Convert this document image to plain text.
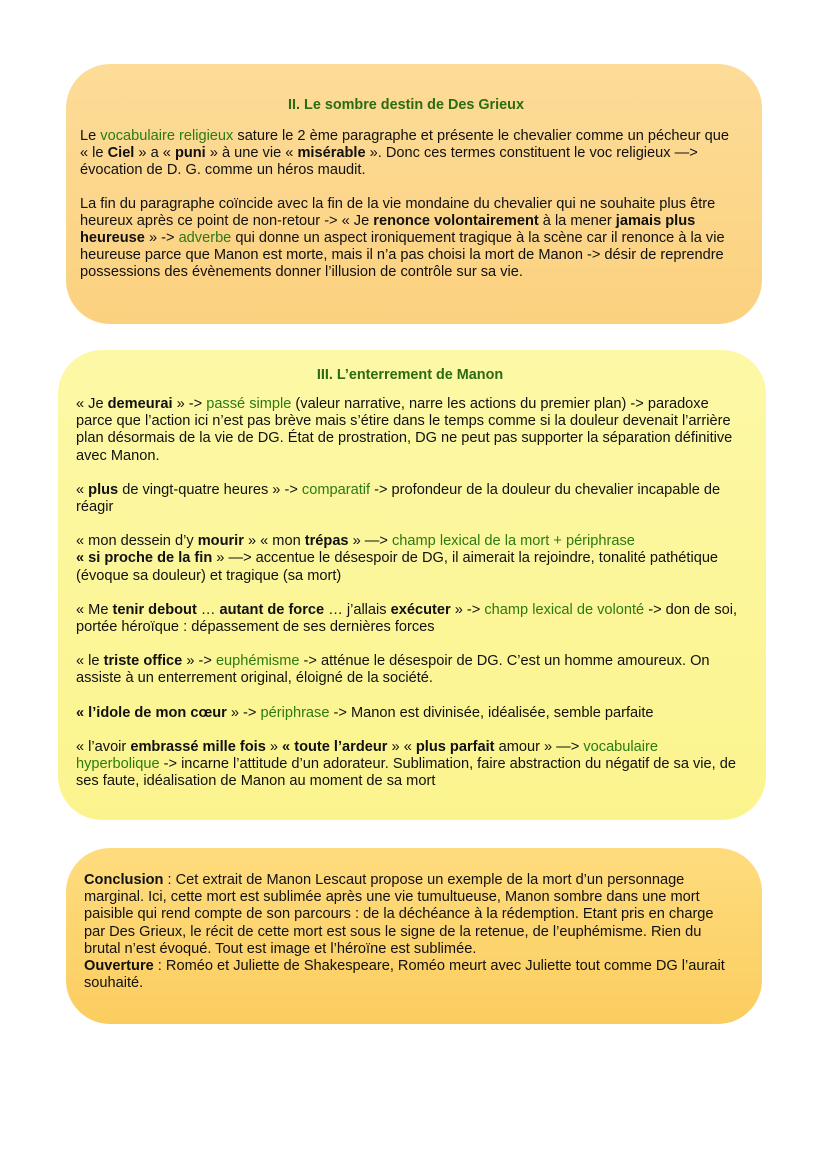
II. Le sombre destin de Des Grieux

Le vocabulaire religieux sature le 2 ème paragraphe et présente le chevalier comme un pécheur que « le Ciel » a « puni » à une vie « misérable ». Donc ces termes constituent le voc religieux —> évocation de D. G. comme un héros maudit.

La fin du paragraphe coïncide avec la fin de la vie mondaine du chevalier qui ne souhaite plus être heureux après ce point de non-retour -> « Je renonce volontairement à la mener jamais plus heureuse » -> adverbe qui donne un aspect ironiquement tragique à la scène car il renonce à la vie heureuse parce que Manon est morte, mais il n’a pas choisi la mort de Manon -> désir de reprendre possessions des évènements donner l’illusion de contrôle sur sa vie.

III. L’enterrement de Manon

« Je demeurai » -> passé simple (valeur narrative, narre les actions du premier plan) -> paradoxe parce que l’action ici n’est pas brève mais s’étire dans le temps comme si la douleur devenait l’arrière plan désormais de la vie de DG. État de prostration, DG ne peut pas supporter la séparation définitive avec Manon.

« plus de vingt-quatre heures » -> comparatif -> profondeur de la douleur du chevalier incapable de réagir

« mon dessein d’y mourir » « mon trépas » —> champ lexical de la mort + périphrase
« si proche de la fin » —> accentue le désespoir de DG, il aimerait la rejoindre, tonalité pathétique (évoque sa douleur) et tragique (sa mort)

« Me tenir debout … autant de force … j’allais exécuter » -> champ lexical de volonté -> don de soi, portée héroïque : dépassement de ses dernières forces

« le triste office » -> euphémisme -> atténue le désespoir de DG. C’est un homme amoureux. On assiste à un enterrement original, éloigné de la société.

« l’idole de mon cœur » -> périphrase -> Manon est divinisée, idéalisée, semble parfaite

« l’avoir embrassé mille fois » « toute l’ardeur » « plus parfait amour » —> vocabulaire hyperbolique -> incarne l’attitude d’un adorateur. Sublimation, faire abstraction du négatif de sa vie, de ses faute, idéalisation de Manon au moment de sa mort

Conclusion : Cet extrait de Manon Lescaut propose un exemple de la mort d’un personnage marginal. Ici, cette mort est sublimée après une vie tumultueuse, Manon sombre dans une mort paisible qui rend compte de son parcours : de la déchéance à la rédemption. Etant pris en charge par Des Grieux, le récit de cette mort est sous le signe de la retenue, de l’euphémisme. Rien du brutal n’est évoqué. Tout est image et l’héroïne est sublimée.

Ouverture : Roméo et Juliette de Shakespeare, Roméo meurt avec Juliette tout comme DG l’aurait souhaité.
